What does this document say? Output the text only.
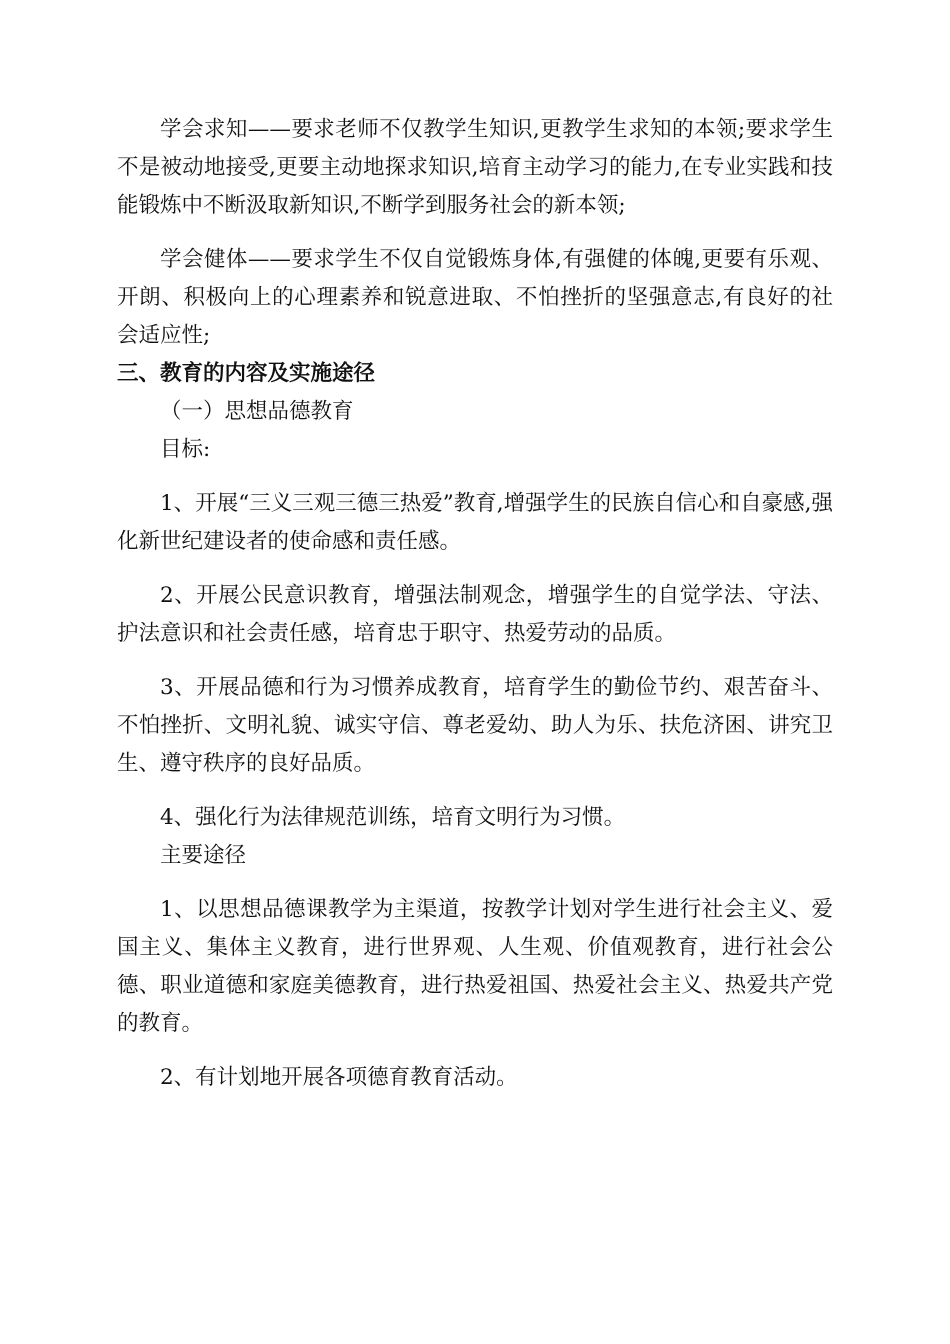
学会求知——要求老师不仅教学生知识,更教学生求知的本领;要求学生不是被动地接受,更要主动地探求知识,培育主动学习的能力,在专业实践和技能锻炼中不断汲取新知识,不断学到服务社会的新本领;

学会健体——要求学生不仅自觉锻炼身体,有强健的体魄,更要有乐观、开朗、积极向上的心理素养和锐意进取、不怕挫折的坚强意志,有良好的社会适应性;

三、教育的内容及实施途径

（一）思想品德教育

目标:

1、开展“三义三观三德三热爱”教育,增强学生的民族自信心和自豪感,强化新世纪建设者的使命感和责任感。

2、开展公民意识教育，增强法制观念，增强学生的自觉学法、守法、护法意识和社会责任感，培育忠于职守、热爱劳动的品质。

3、开展品德和行为习惯养成教育，培育学生的勤俭节约、艰苦奋斗、不怕挫折、文明礼貌、诚实守信、尊老爱幼、助人为乐、扶危济困、讲究卫生、遵守秩序的良好品质。

4、强化行为法律规范训练，培育文明行为习惯。

主要途径

1、以思想品德课教学为主渠道，按教学计划对学生进行社会主义、爱国主义、集体主义教育，进行世界观、人生观、价值观教育，进行社会公德、职业道德和家庭美德教育，进行热爱祖国、热爱社会主义、热爱共产党的教育。

2、有计划地开展各项德育教育活动。
